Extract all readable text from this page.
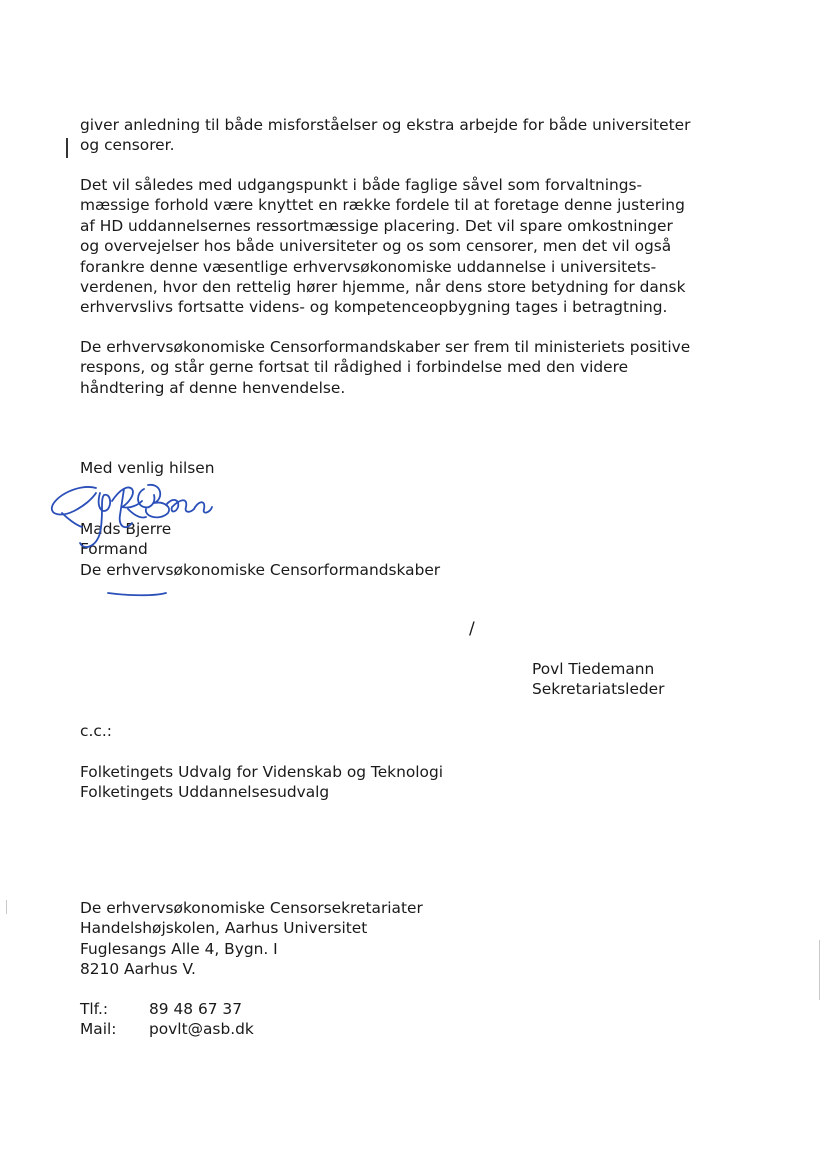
giver anledning til både misforståelser og ekstra arbejde for både universiteter
og censorer.
Det vil således med udgangspunkt i både faglige såvel som forvaltnings-
mæssige forhold være knyttet en række fordele til at foretage denne justering
af HD uddannelsernes ressortmæssige placering. Det vil spare omkostninger
og overvejelser hos både universiteter og os som censorer, men det vil også
forankre denne væsentlige erhvervsøkonomiske uddannelse i universitets-
verdenen, hvor den rettelig hører hjemme, når dens store betydning for dansk
erhvervslivs fortsatte videns- og kompetenceopbygning tages i betragtning.
De erhvervsøkonomiske Censorformandskaber ser frem til ministeriets positive
respons, og står gerne fortsat til rådighed i forbindelse med den videre
håndtering af denne henvendelse.
Med venlig hilsen
Mads Bjerre
Formand
De erhvervsøkonomiske Censorformandskaber
/
Povl Tiedemann
Sekretariatsleder
c.c.:
Folketingets Udvalg for Videnskab og Teknologi
Folketingets Uddannelsesudvalg
De erhvervsøkonomiske Censorsekretariater
Handelshøjskolen, Aarhus Universitet
Fuglesangs Alle 4, Bygn. I
8210 Aarhus V.
Tlf.:	89 48 67 37
Mail:	povlt@asb.dk
